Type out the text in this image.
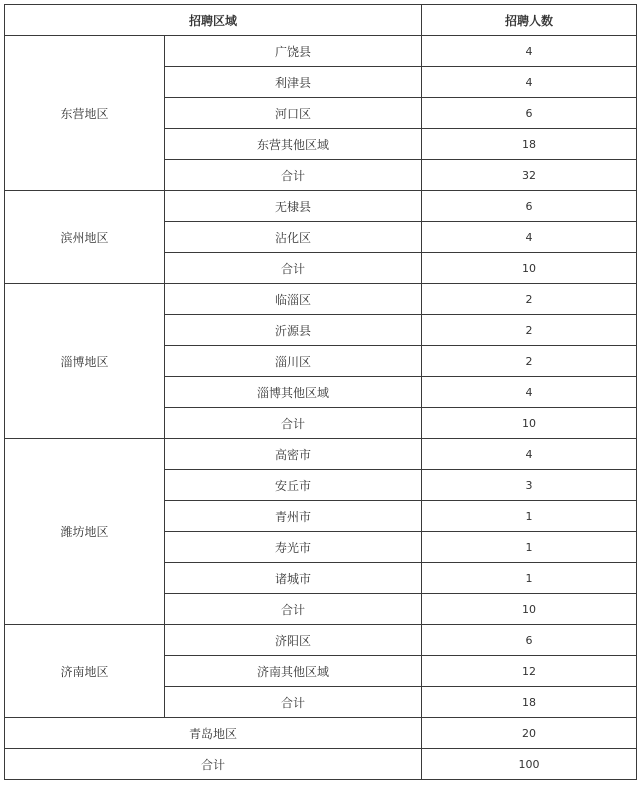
招聘区域		招聘人数
东营地区	广饶县	4
	利津县	4
	河口区	6
	东营其他区域	18
	合计	32
滨州地区	无棣县	6
	沾化区	4
	合计	10
淄博地区	临淄区	2
	沂源县	2
	淄川区	2
	淄博其他区域	4
	合计	10
潍坊地区	高密市	4
	安丘市	3
	青州市	1
	寿光市	1
	诸城市	1
	合计	10
济南地区	济阳区	6
	济南其他区域	12
	合计	18
青岛地区		20
合计		100
